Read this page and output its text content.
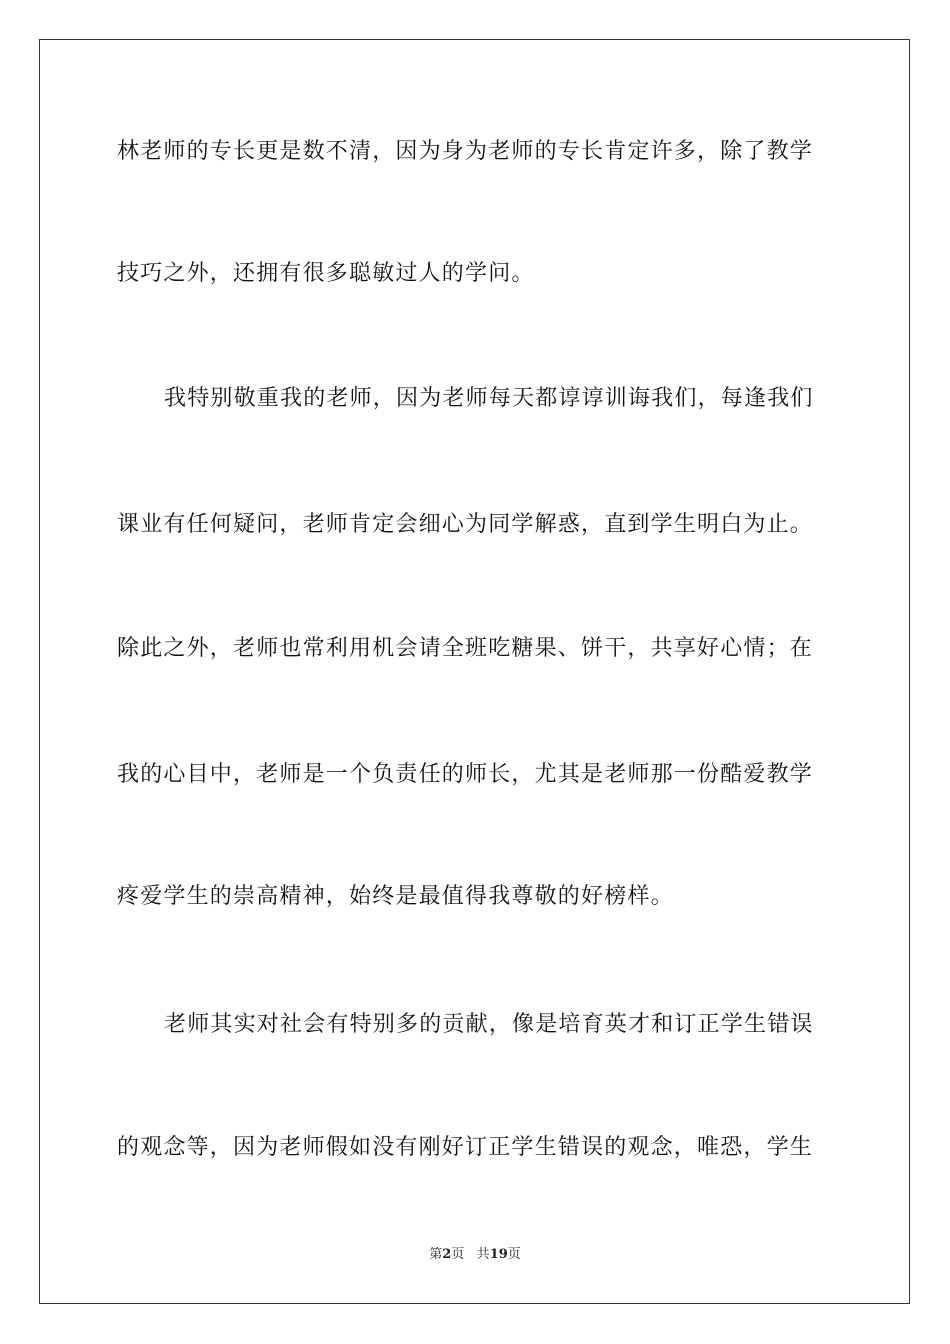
林老师的专长更是数不清，因为身为老师的专长肯定许多，除了教学
技巧之外，还拥有很多聪敏过人的学问。
我特别敬重我的老师，因为老师每天都谆谆训诲我们，每逢我们
课业有任何疑问，老师肯定会细心为同学解惑，直到学生明白为止。
除此之外，老师也常利用机会请全班吃糖果、饼干，共享好心情；在
我的心目中，老师是一个负责任的师长，尤其是老师那一份酷爱教学
疼爱学生的崇高精神，始终是最值得我尊敬的好榜样。
老师其实对社会有特别多的贡献，像是培育英才和订正学生错误
的观念等，因为老师假如没有刚好订正学生错误的观念，唯恐，学生
第2页 共19页
